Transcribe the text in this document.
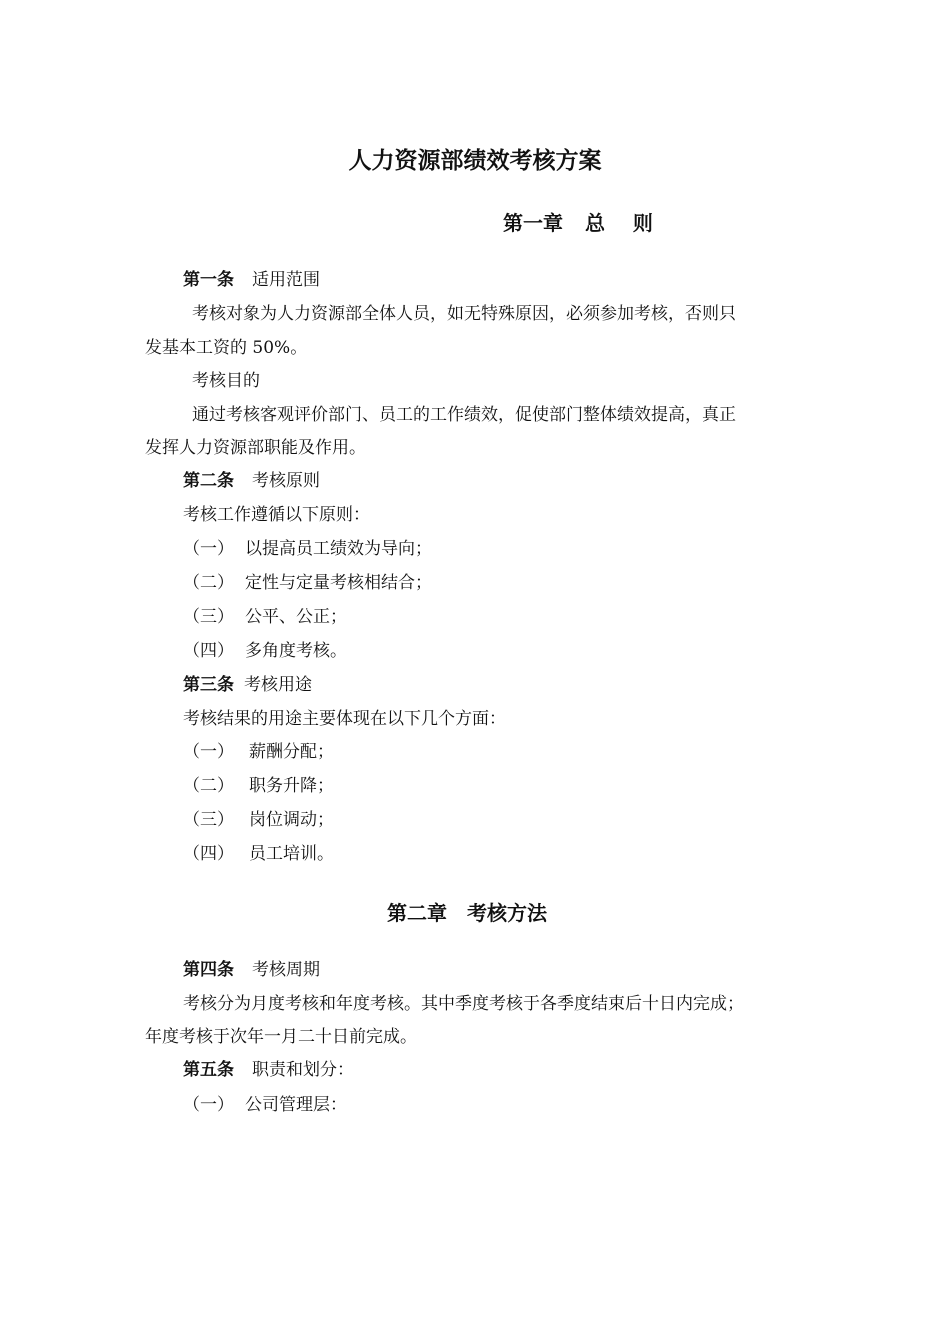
人力资源部绩效考核方案
第一章 总    则
第一条 适用范围
考核对象为人力资源部全体人员，如无特殊原因，必须参加考核，否则只
发基本工资的 50%。
考核目的
通过考核客观评价部门、员工的工作绩效，促使部门整体绩效提高，真正
发挥人力资源部职能及作用。
第二条 考核原则
考核工作遵循以下原则：
（一） 以提高员工绩效为导向；
（二） 定性与定量考核相结合；
（三） 公平、公正；
（四） 多角度考核。
第三条 考核用途
考核结果的用途主要体现在以下几个方面：
（一） 薪酬分配；
（二） 职务升降；
（三） 岗位调动；
（四） 员工培训。
第二章 考核方法
第四条 考核周期
考核分为月度考核和年度考核。其中季度考核于各季度结束后十日内完成；
年度考核于次年一月二十日前完成。
第五条 职责和划分：
（一） 公司管理层：
